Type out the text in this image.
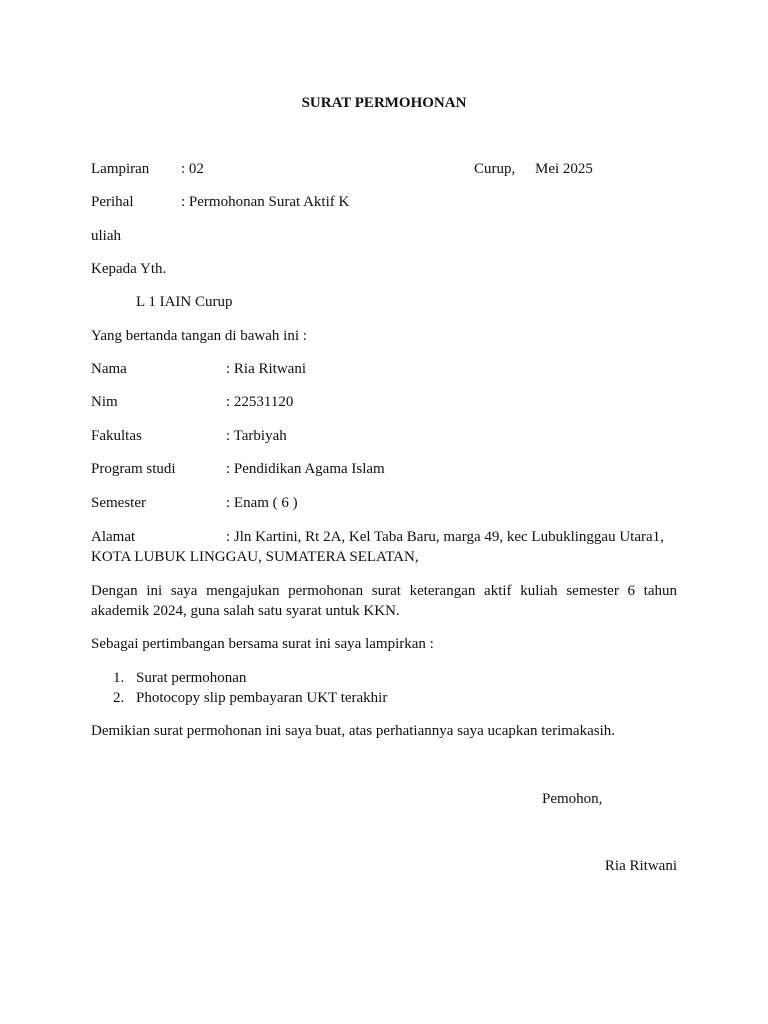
SURAT PERMOHONAN
Lampiran : 02	Curup, Mei 2025
Perihal	: Permohonan Surat Aktif K
uliah
Kepada Yth.
L 1 IAIN Curup
Yang bertanda tangan di bawah ini :
Nama	: Ria Ritwani
Nim	: 22531120
Fakultas	: Tarbiyah
Program studi	: Pendidikan Agama Islam
Semester	: Enam ( 6 )
Alamat	: Jln Kartini, Rt 2A, Kel Taba Baru, marga 49, kec Lubuklinggau Utara1,
KOTA LUBUK LINGGAU, SUMATERA SELATAN,
Dengan ini saya mengajukan permohonan surat keterangan aktif kuliah semester 6 tahun akademik 2024, guna salah satu syarat untuk KKN.
Sebagai pertimbangan bersama surat ini saya lampirkan :
1. Surat permohonan
2. Photocopy slip pembayaran UKT terakhir
Demikian surat permohonan ini saya buat, atas perhatiannya saya ucapkan terimakasih.
Pemohon,
Ria Ritwani
